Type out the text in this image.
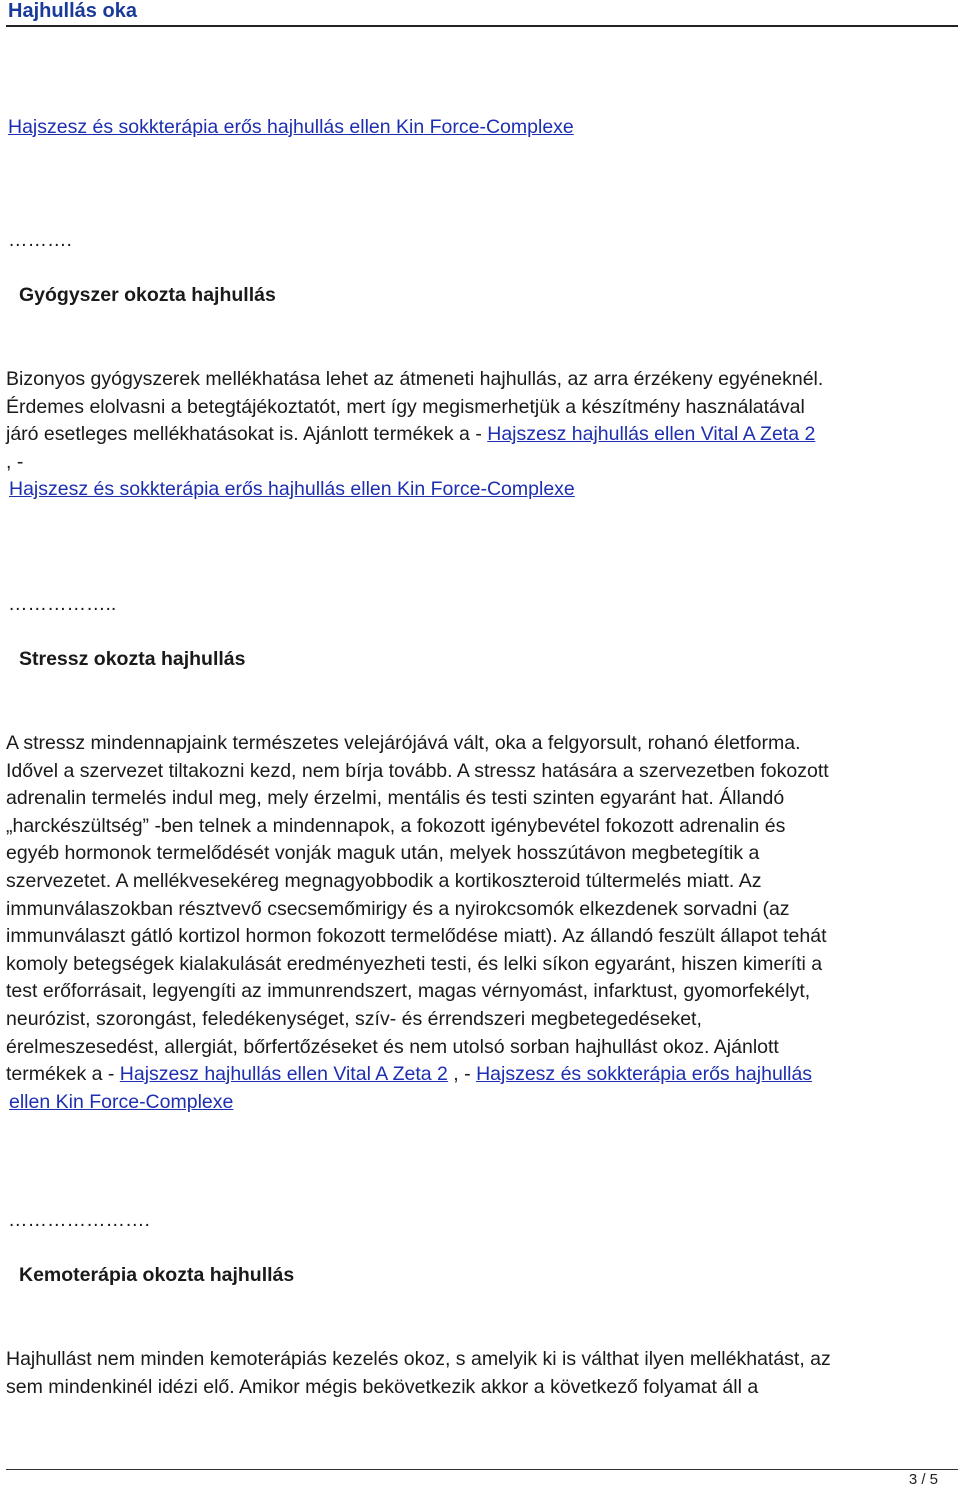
Hajhullás oka
Hajszesz és sokkterápia erős hajhullás ellen Kin Force-Complexe
……….
Gyógyszer okozta hajhullás

Bizonyos gyógyszerek mellékhatása lehet az átmeneti hajhullás, az arra érzékeny egyéneknél.

Érdemes elolvasni a betegtájékoztatót, mert így megismerhetjük a készítmény használatával

járó esetleges mellékhatásokat is. Ajánlott termékek a - Hajszesz hajhullás ellen Vital A Zeta 2

, -

Hajszesz és sokkterápia erős hajhullás ellen Kin Force-Complexe

……………..
Stressz okozta hajhullás

A stressz mindennapjaink természetes velejárójává vált, oka a felgyorsult, rohanó életforma.

Idővel a szervezet tiltakozni kezd, nem bírja tovább. A stressz hatására a szervezetben fokozott

adrenalin termelés indul meg, mely érzelmi, mentális és testi szinten egyaránt hat. Állandó

„harckészültség” -ben telnek a mindennapok, a fokozott igénybevétel fokozott adrenalin és

egyéb hormonok termelődését vonják maguk után, melyek hosszútávon megbetegítik a

szervezetet. A mellékvesekéreg megnagyobbodik a kortikoszteroid túltermelés miatt. Az

immunválaszokban résztvevő csecsemőmirigy és a nyirokcsomók elkezdenek sorvadni (az

immunválaszt gátló kortizol hormon fokozott termelődése miatt). Az állandó feszült állapot tehát

komoly betegségek kialakulását eredményezheti testi, és lelki síkon egyaránt, hiszen kimeríti a

test erőforrásait, legyengíti az immunrendszert, magas vérnyomást, infarktust, gyomorfekélyt,

neurózist, szorongást, feledékenységet, szív- és érrendszeri megbetegedéseket,

érelmeszesedést, allergiát, bőrfertőzéseket és nem utolsó sorban hajhullást okoz. Ajánlott

termékek a - Hajszesz hajhullás ellen Vital A Zeta 2 , - Hajszesz és sokkterápia erős hajhullás

ellen Kin Force-Complexe

………………….
Kemoterápia okozta hajhullás

Hajhullást nem minden kemoterápiás kezelés okoz, s amelyik ki is válthat ilyen mellékhatást, az

sem mindenkinél idézi elő. Amikor mégis bekövetkezik akkor a következő folyamat áll a

3 / 5
